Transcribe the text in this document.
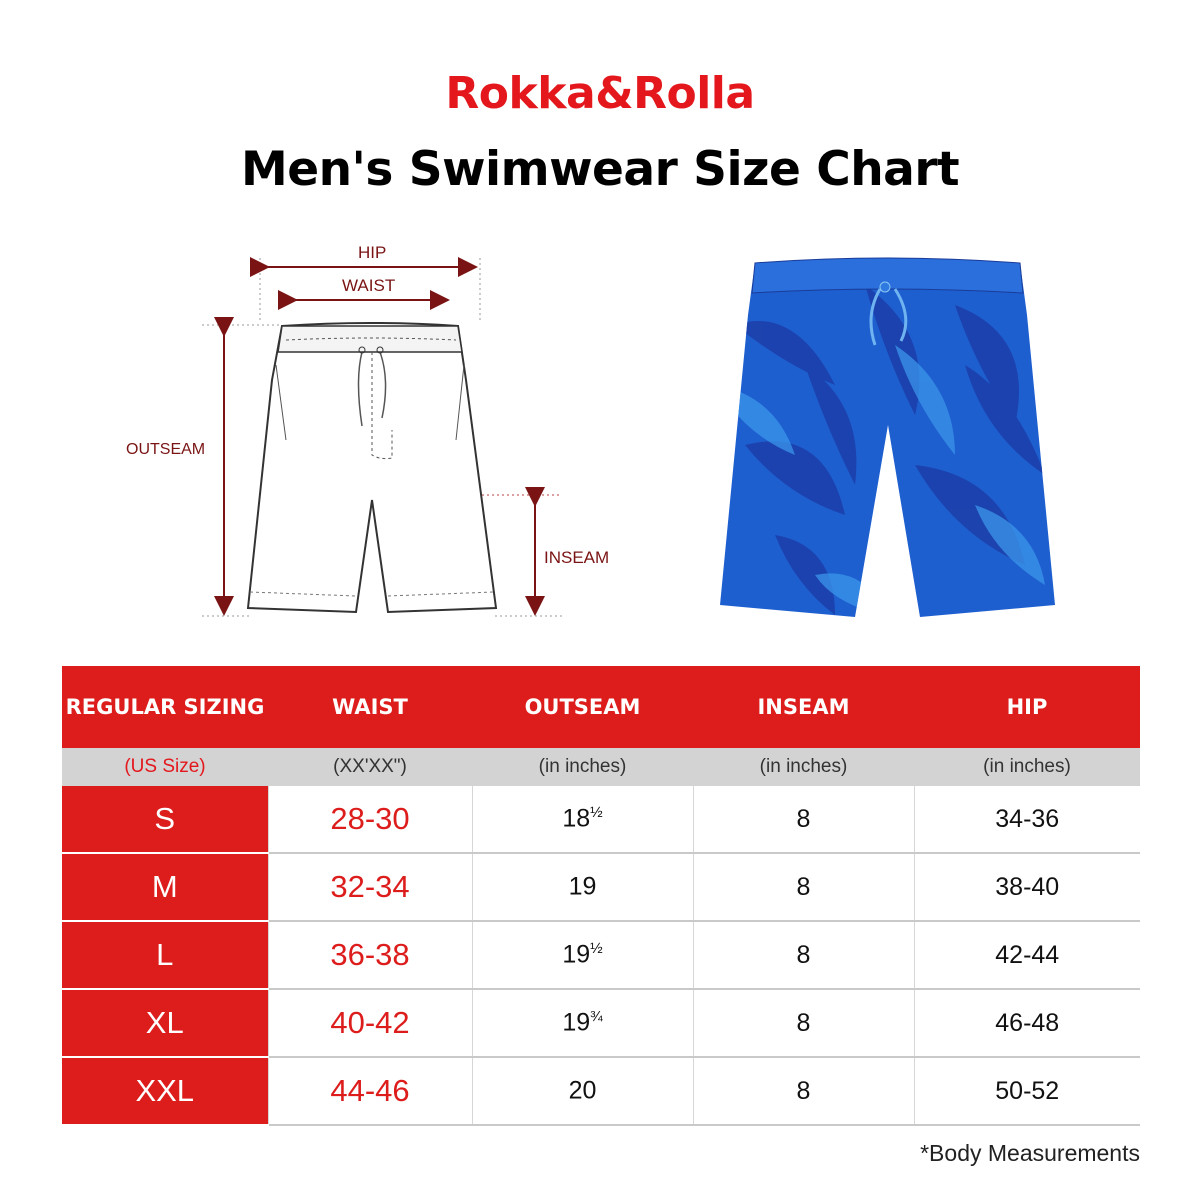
Rokka&Rolla
Men's Swimwear Size Chart
HIP
WAIST
OUTSEAM
INSEAM
REGULAR SIZING	WAIST	OUTSEAM	INSEAM	HIP
(US Size)	(XX'XX")	(in inches)	(in inches)	(in inches)
S	28-30	$18^{\frac{1}{2}}$	8	34-36
M	32-34	19	8	38-40
L	36-38	$19^{\frac{1}{2}}$	8	42-44
XL	40-42	$19^{\frac{3}{4}}$	8	46-48
XXL	44-46	20	8	50-52
*Body Measurements
